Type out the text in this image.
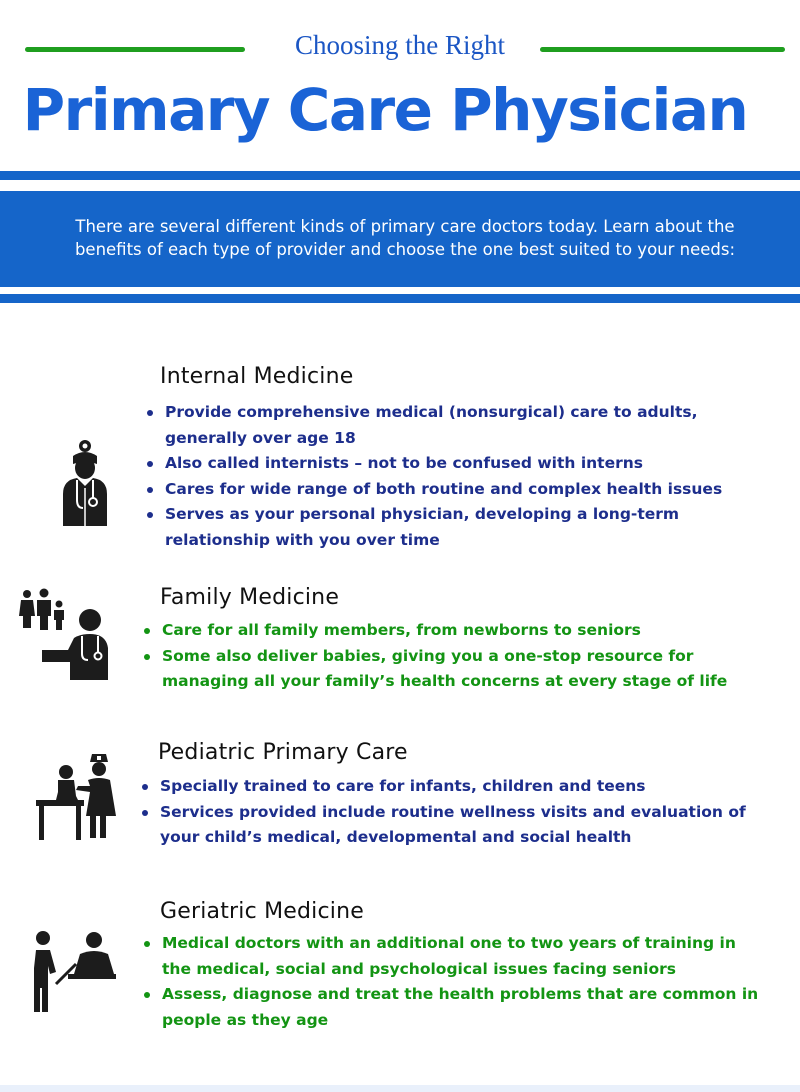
Choosing the Right
Primary Care Physician
There are several different kinds of primary care doctors today. Learn about the benefits of each type of provider and choose the one best suited to your needs:
Internal Medicine
Provide comprehensive medical (nonsurgical) care to adults, generally over age 18
Also called internists – not to be confused with interns
Cares for wide range of both routine and complex health issues
Serves as your personal physician, developing a long-term relationship with you over time
Family Medicine
Care for all family members, from newborns to seniors
Some also deliver babies, giving you a one-stop resource for managing all your family’s health concerns at every stage of life
Pediatric Primary Care
Specially trained to care for infants, children and teens
Services provided include routine wellness visits and evaluation of your child’s medical, developmental and social health
Geriatric Medicine
Medical doctors with an additional one to two years of training in the medical, social and psychological issues facing seniors
Assess, diagnose and treat the health problems that are common in people as they age
